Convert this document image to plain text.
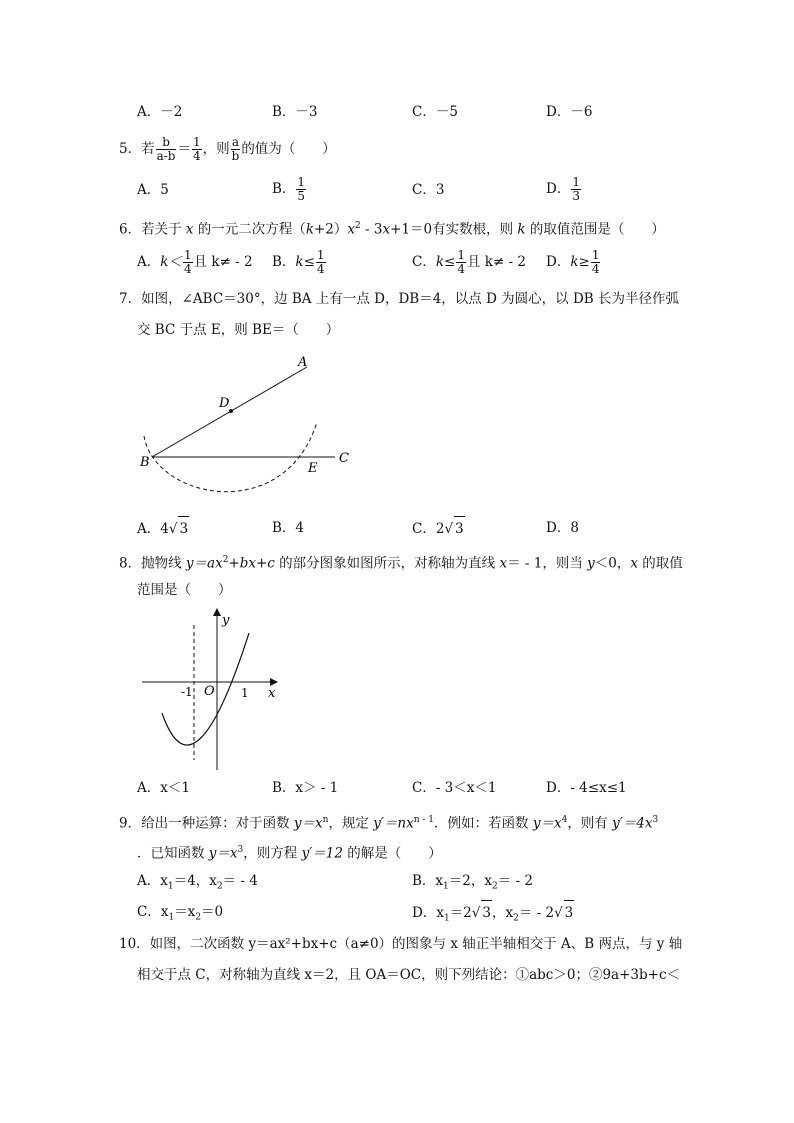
A．－2	B．－3	C．－5	D．－6
5．若 $\frac{b}{a-b} = \frac{1}{4}$ ，则 $\frac{a}{b}$ 的值为（　　）
A．5	B． $\frac{1}{5}$	C．3	D． $\frac{1}{3}$
6．若关于 x 的一元二次方程$(k+2)x^2 - 3x+1=0$有实数根，则 k 的取值范围是（　　）
A．$k< \frac{1}{4}$ 且 k≠ - 2 B．$k\le \frac{1}{4}$	C．$k\le \frac{1}{4}$ 且 k≠ - 2 D．$k\ge \frac{1}{4}$
7．如图，∠ABC＝30°，边 BA 上有一点 D，DB＝4，以点 D 为圆心，以 DB 长为半径作弧
交 BC 于点 E，则 BE＝（　　）
A
B	C
D
E
A．4√ 3	B．4	C．2√ 3	D．8
8．抛物线 $y=ax^2+bx+c$ 的部分图象如图所示，对称轴为直线 x＝ - 1，则当 y＜0，x 的取值
范围是（　　）
y
x
O
-1	1
A．x＜1	B．x＞ - 1	C．- 3＜x＜1	D．- 4≤x≤1
9．给出一种运算：对于函数 $y=x^n$，规定 $y'=nx^{n - 1}$．例如：若函数 $y=x^4$，则有 $y'=4x^3$
．已知函数 $y=x^3$，则方程 y′＝12 的解是（　　）
A．$x_1=4$，$x_2= - 4$	B．$x_1=2$，$x_2= - 2$
C．$x_1=x_2=0$	D．$x_1=2√$ 3，$x_2= - 2√$ 3
10．如图，二次函数 y＝ax²+bx+c（a≠0）的图象与 x 轴正半轴相交于 A、B 两点，与 y 轴
相交于点 C，对称轴为直线 x＝2，且 OA＝OC，则下列结论：①abc＞0；②9a+3b+c＜
